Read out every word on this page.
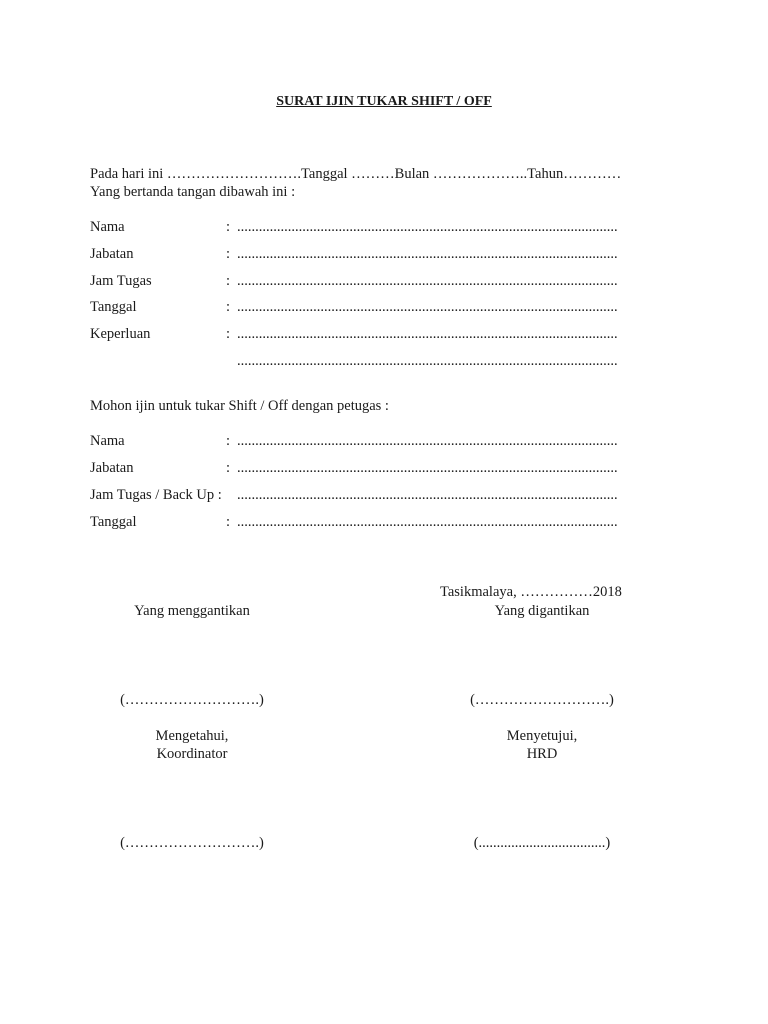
SURAT IJIN TUKAR SHIFT / OFF
Pada hari ini ……………………….Tanggal ………Bulan ………………..Tahun…………
Yang bertanda tangan dibawah ini :
Nama	: .........................................................................................................
Jabatan	: .........................................................................................................
Jam Tugas	: .........................................................................................................
Tanggal	: .........................................................................................................
Keperluan	: .........................................................................................................
.........................................................................................................
Mohon ijin untuk tukar Shift / Off dengan petugas :
Nama	: .........................................................................................................
Jabatan	: .........................................................................................................
Jam Tugas / Back Up : .........................................................................................................
Tanggal	: .........................................................................................................
Tasikmalaya, ……………2018
Yang menggantikan	Yang digantikan
(……………………….)	(……………………….)
Mengetahui,
Koordinator
Menyetujui,
HRD
(……………………….)	(...................................)
